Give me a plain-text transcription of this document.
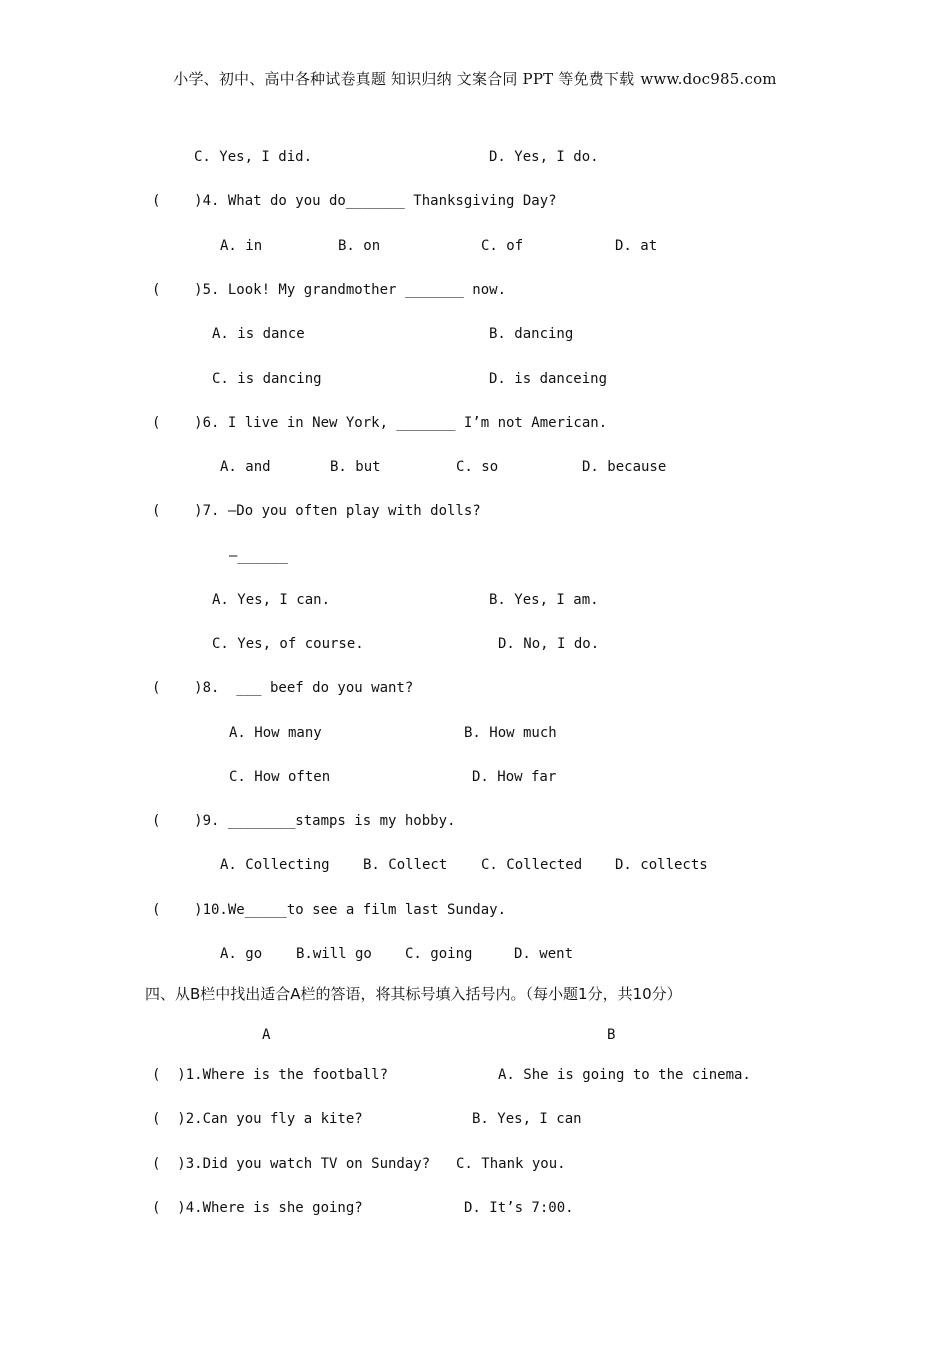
小学、初中、高中各种试卷真题 知识归纳 文案合同 PPT 等免费下载 www.doc985.com
C. Yes, I did.	D. Yes, I do.
(    )4. What do you do_______ Thanksgiving Day?
A. in	B. on	C. of	D. at
(    )5. Look! My grandmother _______ now.
A. is dance	B. dancing
C. is dancing	D. is danceing
(    )6. I live in New York, _______ I’m not American.
A. and	B. but	C. so	D. because
(    )7. —Do you often play with dolls?
—______
A. Yes, I can.	B. Yes, I am.
C. Yes, of course.	D. No, I do.
(    )8.  ___ beef do you want?
A. How many	B. How much
C. How often	D. How far
(    )9. ________stamps is my hobby.
A. Collecting B. Collect C. Collected D. collects
(    )10.We_____to see a film last Sunday.
A. go B.will go C. going	D. went
四、从B栏中找出适合A栏的答语，将其标号填入括号内。（每小题1分，共10分）
A	B
(  )1.Where is the football?	A. She is going to the cinema.
(  )2.Can you fly a kite?	B. Yes, I can
(  )3.Did you watch TV on Sunday? C. Thank you.
(  )4.Where is she going?	D. It’s 7:00.
